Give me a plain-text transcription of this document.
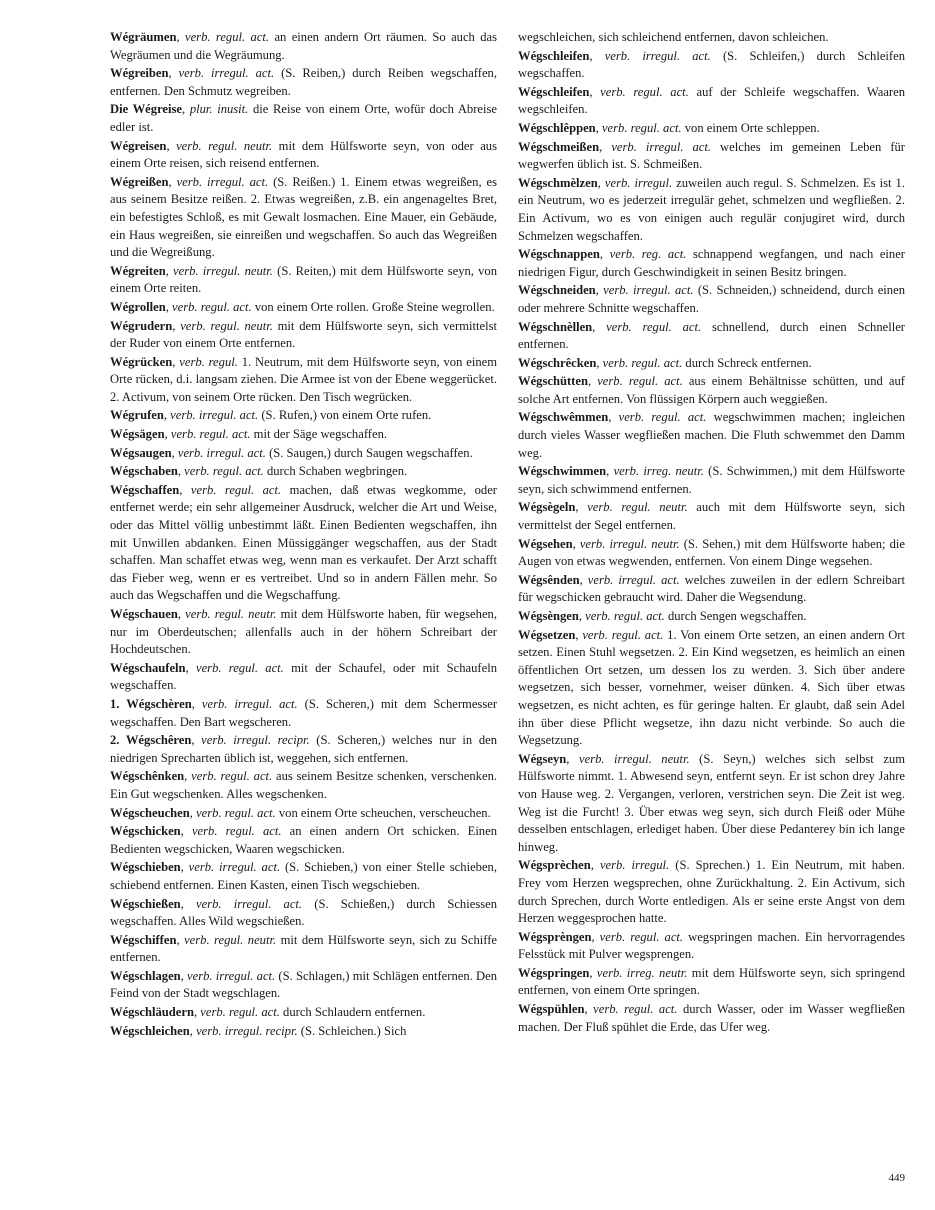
Wégräumen, verb. regul. act. an einen andern Ort räumen. So auch das Wegräumen und die Wegräumung.

Wégreiben, verb. irregul. act. (S. Reiben,) durch Reiben wegschaffen, entfernen. Den Schmutz wegreiben.

Die Wégreise, plur. inusit. die Reise von einem Orte, wofür doch Abreise edler ist.

Wégreisen, verb. regul. neutr. mit dem Hülfsworte seyn, von oder aus einem Orte reisen, sich reisend entfernen.

Wégreißen, verb. irregul. act. (S. Reißen.) 1. Einem etwas wegreißen, es aus seinem Besitze reißen. 2. Etwas wegreißen, z.B. ein angenageltes Bret, ein befestigtes Schloß, es mit Gewalt losmachen. Eine Mauer, ein Gebäude, ein Haus wegreißen, sie einreißen und wegschaffen. So auch das Wegreißen und die Wegreißung.

Wégreiten, verb. irregul. neutr. (S. Reiten,) mit dem Hülfsworte seyn, von einem Orte reiten.

Wégrollen, verb. regul. act. von einem Orte rollen. Große Steine wegrollen.

Wégrudern, verb. regul. neutr. mit dem Hülfsworte seyn, sich vermittelst der Ruder von einem Orte entfernen.

Wégrücken, verb. regul. 1. Neutrum, mit dem Hülfsworte seyn, von einem Orte rücken, d.i. langsam ziehen. Die Armee ist von der Ebene weggerücket. 2. Activum, von seinem Orte rücken. Den Tisch wegrücken.

Wégrufen, verb. irregul. act. (S. Rufen,) von einem Orte rufen.

Wégsägen, verb. regul. act. mit der Säge wegschaffen.

Wégsaugen, verb. irregul. act. (S. Saugen,) durch Saugen wegschaffen.

Wégschaben, verb. regul. act. durch Schaben wegbringen.

Wégschaffen, verb. regul. act. machen, daß etwas wegkomme, oder entfernet werde; ein sehr allgemeiner Ausdruck, welcher die Art und Weise, oder das Mittel völlig unbestimmt läßt. Einen Bedienten wegschaffen, ihn mit Unwillen abdanken. Einen Müssiggänger wegschaffen, aus der Stadt schaffen. Man schaffet etwas weg, wenn man es verkaufet. Der Arzt schafft das Fieber weg, wenn er es vertreibet. Und so in andern Fällen mehr. So auch das Wegschaffen und die Wegschaffung.

Wégschauen, verb. regul. neutr. mit dem Hülfsworte haben, für wegsehen, nur im Oberdeutschen; allenfalls auch in der höhern Schreibart der Hochdeutschen.

Wégschaufeln, verb. regul. act. mit der Schaufel, oder mit Schaufeln wegschaffen.

1. Wégschèren, verb. irregul. act. (S. Scheren,) mit dem Schermesser wegschaffen. Den Bart wegscheren.

2. Wégschêren, verb. irregul. recipr. (S. Scheren,) welches nur in den niedrigen Sprecharten üblich ist, weggehen, sich entfernen.

Wégschênken, verb. regul. act. aus seinem Besitze schenken, verschenken. Ein Gut wegschenken. Alles wegschenken.

Wégscheuchen, verb. regul. act. von einem Orte scheuchen, verscheuchen.

Wégschicken, verb. regul. act. an einen andern Ort schicken. Einen Bedienten wegschicken, Waaren wegschicken.

Wégschieben, verb. irregul. act. (S. Schieben,) von einer Stelle schieben, schiebend entfernen. Einen Kasten, einen Tisch wegschieben.

Wégschießen, verb. irregul. act. (S. Schießen,) durch Schiessen wegschaffen. Alles Wild wegschießen.

Wégschiffen, verb. regul. neutr. mit dem Hülfsworte seyn, sich zu Schiffe entfernen.

Wégschlagen, verb. irregul. act. (S. Schlagen,) mit Schlägen entfernen. Den Feind von der Stadt wegschlagen.

Wégschläudern, verb. regul. act. durch Schlaudern entfernen.

Wégschleichen, verb. irregul. recipr. (S. Schleichen.) Sich

wegschleichen, sich schleichend entfernen, davon schleichen.

Wégschleifen, verb. irregul. act. (S. Schleifen,) durch Schleifen wegschaffen.

Wégschleifen, verb. regul. act. auf der Schleife wegschaffen. Waaren wegschleifen.

Wégschlêppen, verb. regul. act. von einem Orte schleppen.

Wégschmeißen, verb. irregul. act. welches im gemeinen Leben für wegwerfen üblich ist. S. Schmeißen.

Wégschmèlzen, verb. irregul. zuweilen auch regul. S. Schmelzen. Es ist 1. ein Neutrum, wo es jederzeit irregulär gehet, schmelzen und wegfließen. 2. Ein Activum, wo es von einigen auch regulär conjugiret wird, durch Schmelzen wegschaffen.

Wégschnappen, verb. reg. act. schnappend wegfangen, und nach einer niedrigen Figur, durch Geschwindigkeit in seinen Besitz bringen.

Wégschneiden, verb. irregul. act. (S. Schneiden,) schneidend, durch einen oder mehrere Schnitte wegschaffen.

Wégschnèllen, verb. regul. act. schnellend, durch einen Schneller entfernen.

Wégschrêcken, verb. regul. act. durch Schreck entfernen.

Wégschütten, verb. regul. act. aus einem Behältnisse schütten, und auf solche Art entfernen. Von flüssigen Körpern auch weggießen.

Wégschwêmmen, verb. regul. act. wegschwimmen machen; ingleichen durch vieles Wasser wegfließen machen. Die Fluth schwemmet den Damm weg.

Wégschwimmen, verb. irreg. neutr. (S. Schwimmen,) mit dem Hülfsworte seyn, sich schwimmend entfernen.

Wégsègeln, verb. regul. neutr. auch mit dem Hülfsworte seyn, sich vermittelst der Segel entfernen.

Wégsehen, verb. irregul. neutr. (S. Sehen,) mit dem Hülfsworte haben; die Augen von etwas wegwenden, entfernen. Von einem Dinge wegsehen.

Wégsênden, verb. irregul. act. welches zuweilen in der edlern Schreibart für wegschicken gebraucht wird. Daher die Wegsendung.

Wégsèngen, verb. regul. act. durch Sengen wegschaffen.

Wégsetzen, verb. regul. act. 1. Von einem Orte setzen, an einen andern Ort setzen. Einen Stuhl wegsetzen. 2. Ein Kind wegsetzen, es heimlich an einen öffentlichen Ort setzen, um dessen los zu werden. 3. Sich über andere wegsetzen, sich besser, vornehmer, weiser dünken. 4. Sich über etwas wegsetzen, es nicht achten, es für geringe halten. Er glaubt, daß sein Adel ihn über diese Pflicht wegsetze, ihn dazu nicht verbinde. So auch die Wegsetzung.

Wégseyn, verb. irregul. neutr. (S. Seyn,) welches sich selbst zum Hülfsworte nimmt. 1. Abwesend seyn, entfernt seyn. Er ist schon drey Jahre von Hause weg. 2. Vergangen, verloren, verstrichen seyn. Die Zeit ist weg. Weg ist die Furcht! 3. Über etwas weg seyn, sich durch Fleiß oder Mühe desselben entschlagen, erlediget haben. Über diese Pedanterey bin ich lange hinweg.

Wégsprèchen, verb. irregul. (S. Sprechen.) 1. Ein Neutrum, mit haben. Frey vom Herzen wegsprechen, ohne Zurückhaltung. 2. Ein Activum, sich durch Sprechen, durch Worte entledigen. Als er seine erste Angst von dem Herzen weggesprochen hatte.

Wégsprèngen, verb. regul. act. wegspringen machen. Ein hervorragendes Felsstück mit Pulver wegsprengen.

Wégspringen, verb. irreg. neutr. mit dem Hülfsworte seyn, sich springend entfernen, von einem Orte springen.

Wégspühlen, verb. regul. act. durch Wasser, oder im Wasser wegfließen machen. Der Fluß spühlet die Erde, das Ufer weg.

449
